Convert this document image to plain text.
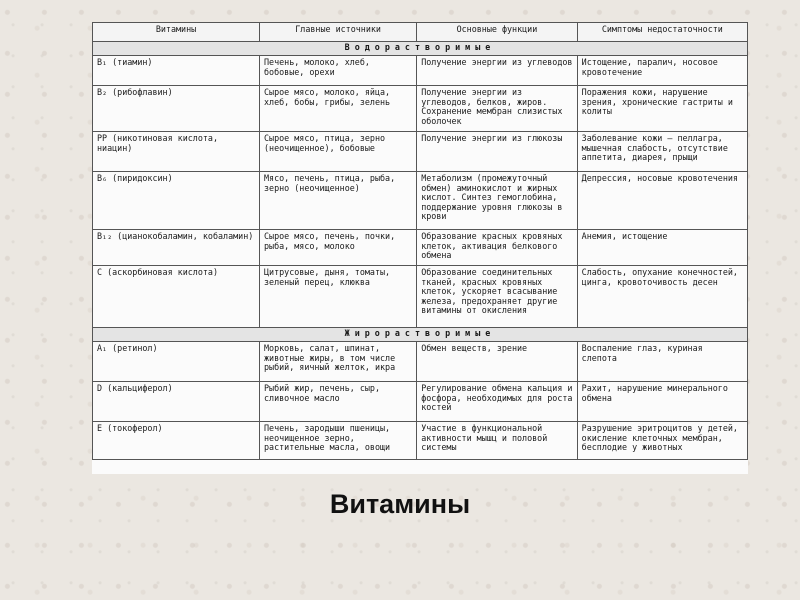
Витамины	Главные источники	Основные функции	Симптомы недостаточности
Водорастворимые			
B₁ (тиамин)	Печень, молоко, хлеб, бобовые, орехи	Получение энергии из углеводов	Истощение, паралич, носовое кровотечение
B₂ (рибофлавин)	Сырое мясо, молоко, яйца, хлеб, бобы, грибы, зелень	Получение энергии из углеводов, белков, жиров. Сохранение мембран слизистых оболочек	Поражения кожи, нарушение зрения, хронические гастриты и колиты
PP (никотиновая кислота, ниацин)	Сырое мясо, птица, зерно (неочищенное), бобовые	Получение энергии из глюкозы	Заболевание кожи — пеллагра, мышечная слабость, отсутствие аппетита, диарея, прыщи
B₆ (пиридоксин)	Мясо, печень, птица, рыба, зерно (неочищенное)	Метаболизм (промежуточный обмен) аминокислот и жирных кислот. Синтез гемоглобина, поддержание уровня глюкозы в крови	Депрессия, носовые кровотечения
B₁₂ (цианокобаламин, кобаламин)	Сырое мясо, печень, почки, рыба, мясо, молоко	Образование красных кровяных клеток, активация белкового обмена	Анемия, истощение
C (аскорбиновая кислота)	Цитрусовые, дыня, томаты, зеленый перец, клюква	Образование соединительных тканей, красных кровяных клеток, ускоряет всасывание железа, предохраняет другие витамины от окисления	Слабость, опухание конечностей, цинга, кровоточивость десен
Жирорастворимые			
A₁ (ретинол)	Морковь, салат, шпинат, животные жиры, в том числе рыбий, яичный желток, икра	Обмен веществ, зрение	Воспаление глаз, куриная слепота
D (кальциферол)	Рыбий жир, печень, сыр, сливочное масло	Регулирование обмена кальция и фосфора, необходимых для роста костей	Рахит, нарушение минерального обмена
E (токоферол)	Печень, зародыши пшеницы, неочищенное зерно, растительные масла, овощи	Участие в функциональной активности мышц и половой системы	Разрушение эритроцитов у детей, окисление клеточных мембран, бесплодие у животных
Витамины
